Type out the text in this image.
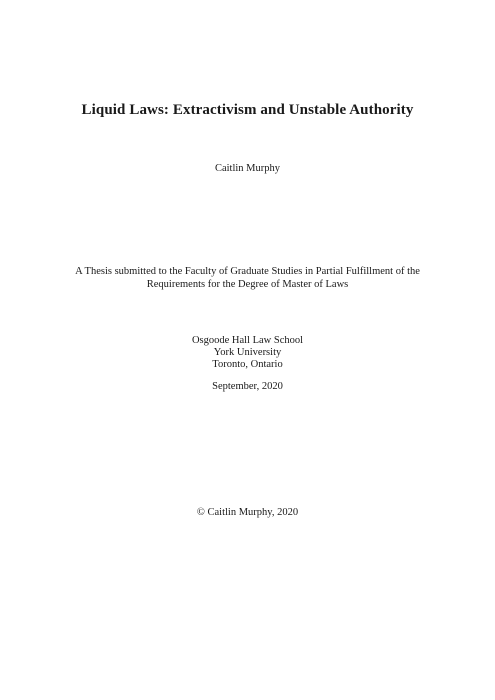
Liquid Laws: Extractivism and Unstable Authority
Caitlin Murphy
A Thesis submitted to the Faculty of Graduate Studies in Partial Fulfillment of the
Requirements for the Degree of Master of Laws
Osgoode Hall Law School
York University
Toronto, Ontario
September, 2020
© Caitlin Murphy, 2020
